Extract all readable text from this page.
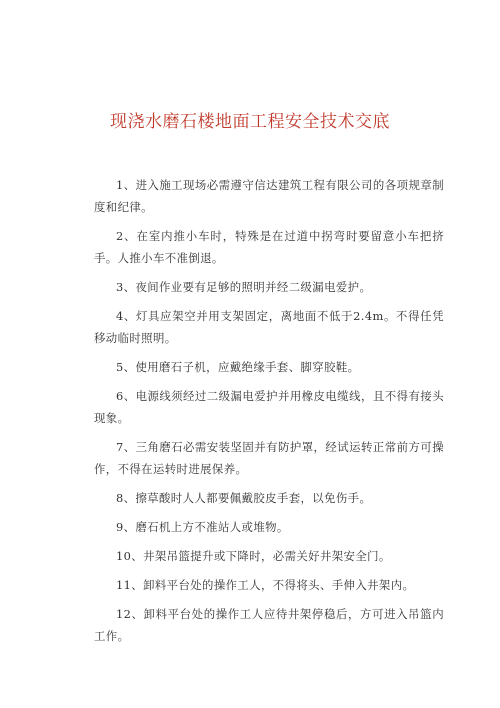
现浇水磨石楼地面工程安全技术交底

1、进入施工现场必需遵守信达建筑工程有限公司的各项规章制度和纪律。

2、在室内推小车时，特殊是在过道中拐弯时要留意小车把挤手。人推小车不准倒退。

3、夜间作业要有足够的照明并经二级漏电爱护。

4、灯具应架空并用支架固定，离地面不低于2.4m。不得任凭移动临时照明。

5、使用磨石子机，应戴绝缘手套、脚穿胶鞋。

6、电源线须经过二级漏电爱护并用橡皮电缆线，且不得有接头现象。

7、三角磨石必需安装坚固并有防护罩，经试运转正常前方可操作，不得在运转时进展保养。

8、擦草酸时人人都要佩戴胶皮手套，以免伤手。

9、磨石机上方不准站人或堆物。

10、井架吊篮提升或下降时，必需关好井架安全门。

11、卸料平台处的操作工人，不得将头、手伸入井架内。

12、卸料平台处的操作工人应待井架停稳后，方可进入吊篮内工作。
